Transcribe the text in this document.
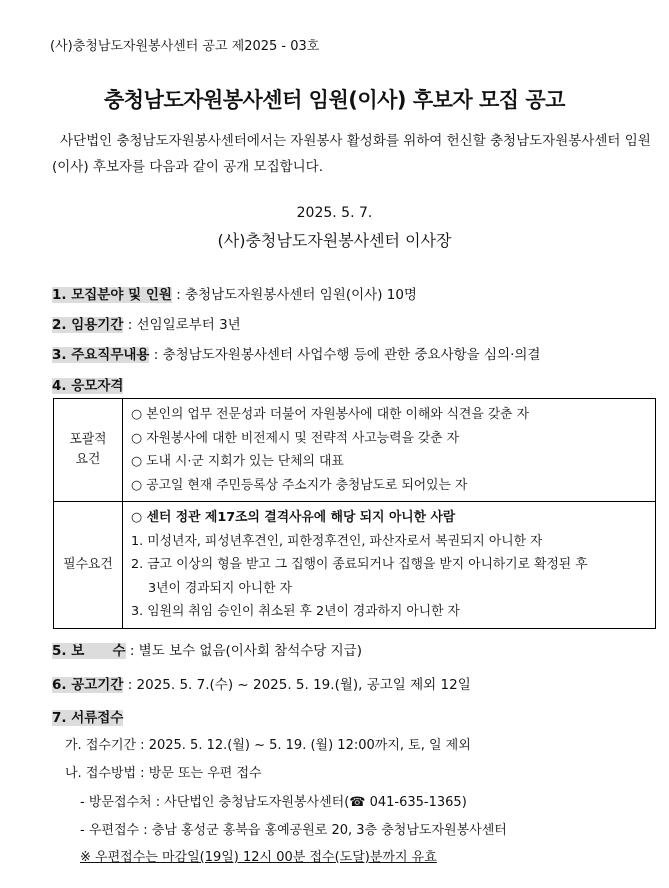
(사)충청남도자원봉사센터 공고 제2025 - 03호
충청남도자원봉사센터 임원(이사) 후보자 모집 공고
사단법인 충청남도자원봉사센터에서는 자원봉사 활성화를 위하여 헌신할 충청남도자원봉사센터 임원(이사) 후보자를 다음과 같이 공개 모집합니다.
2025. 5. 7.
(사)충청남도자원봉사센터 이사장
1. 모집분야 및 인원 : 충청남도자원봉사센터 임원(이사) 10명
2. 임용기간 : 선임일로부터 3년
3. 주요직무내용 : 충청남도자원봉사센터 사업수행 등에 관한 중요사항을 심의·의결
4. 응모자격
포괄적
요건	○ 본인의 업무 전문성과 더불어 자원봉사에 대한 이해와 식견을 갖춘 자
○ 자원봉사에 대한 비전제시 및 전략적 사고능력을 갖춘 자
○ 도내 시·군 지회가 있는 단체의 대표
○ 공고일 현재 주민등록상 주소지가 충청남도로 되어있는 자

필수요건	○ 센터 정관 제17조의 결격사유에 해당 되지 아니한 사람
1. 미성년자, 피성년후견인, 피한정후견인, 파산자로서 복권되지 아니한 자
2. 금고 이상의 형을 받고 그 집행이 종료되거나 집행을 받지 아니하기로 확정된 후
3년이 경과되지 아니한 자
3. 임원의 취임 승인이 취소된 후 2년이 경과하지 아니한 자
5. 보      수 : 별도 보수 없음(이사회 참석수당 지급)
6. 공고기간 : 2025. 5. 7.(수) ~ 2025. 5. 19.(월), 공고일 제외 12일
7. 서류접수
가. 접수기간 : 2025. 5. 12.(월) ~ 5. 19. (월) 12:00까지, 토, 일 제외
나. 접수방법 : 방문 또는 우편 접수
- 방문접수처 : 사단법인 충청남도자원봉사센터(☎ 041-635-1365)
- 우편접수 : 충남 홍성군 홍북읍 홍예공원로 20, 3층 충청남도자원봉사센터
※ 우편접수는 마감일(19일) 12시 00분 접수(도달)분까지 유효
